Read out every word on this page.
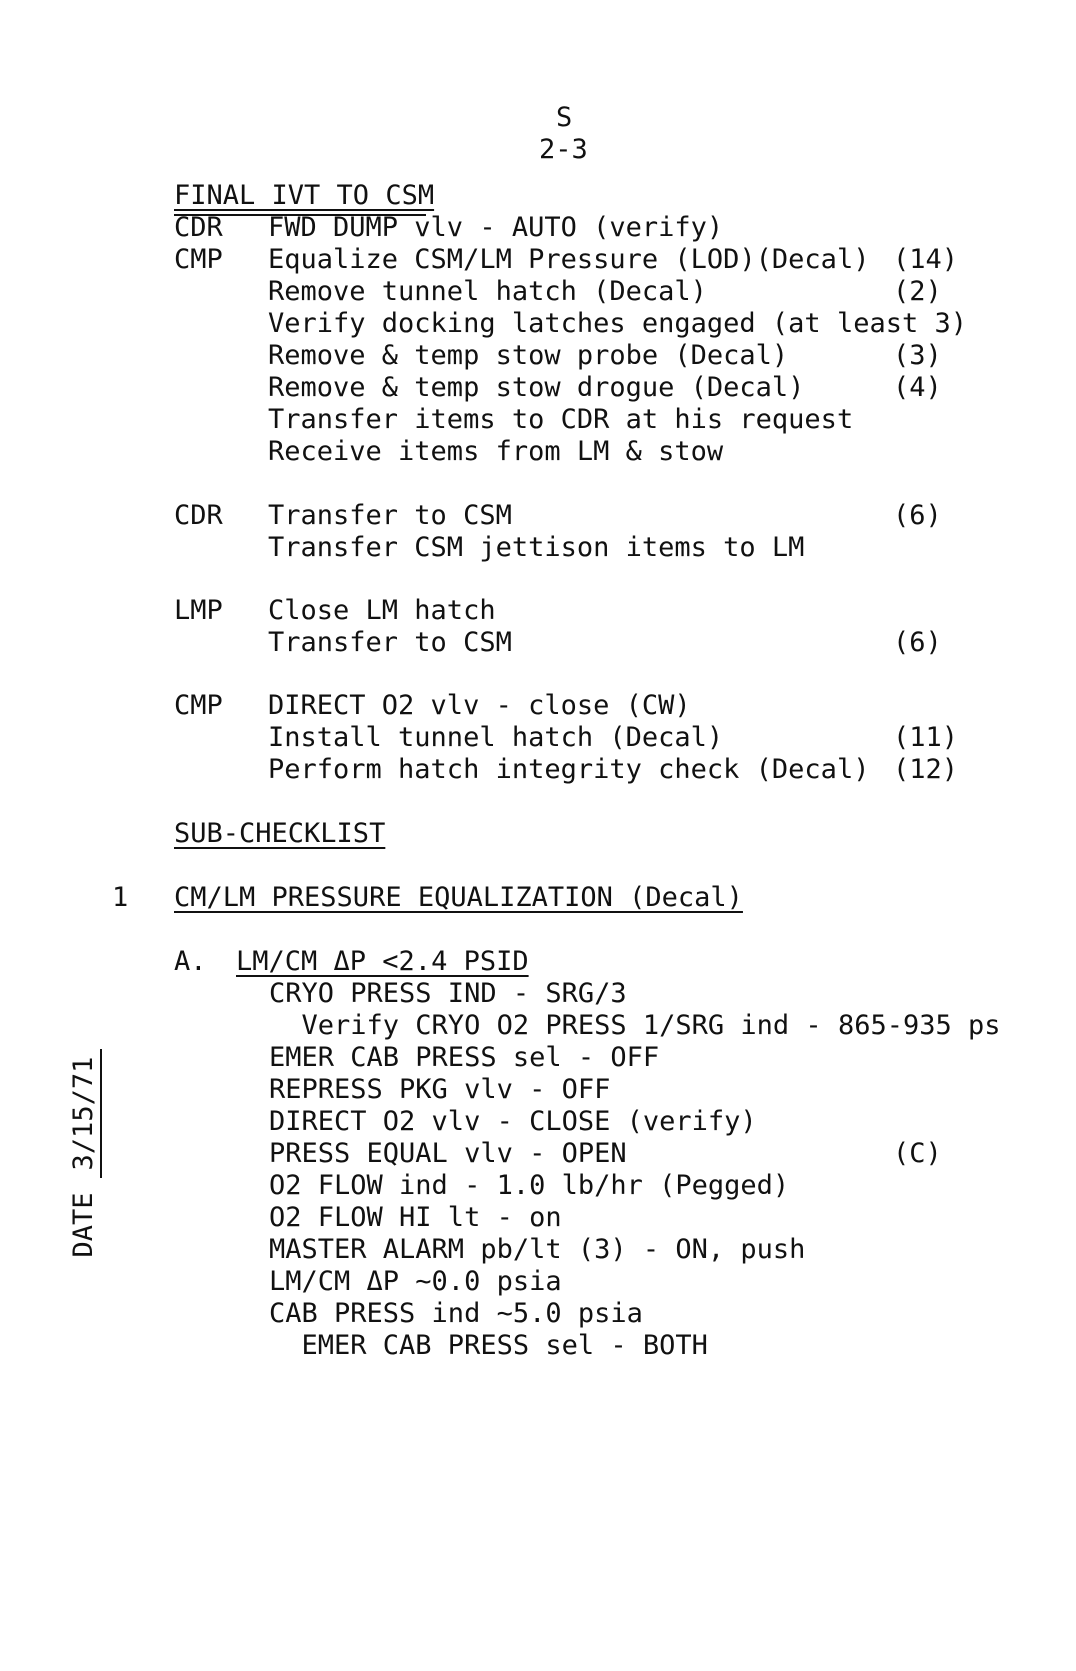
S
2-3
FINAL IVT TO CSM
CDR FWD DUMP vlv - AUTO (verify)
CMP Equalize CSM/LM Pressure (LOD)(Decal) (14)
Remove tunnel hatch (Decal)	(2)
Verify docking latches engaged (at least 3)
Remove & temp stow probe (Decal)	(3)
Remove & temp stow drogue (Decal)	(4)
Transfer items to CDR at his request
Receive items from LM & stow
CDR Transfer to CSM	(6)
Transfer CSM jettison items to LM
LMP Close LM hatch
Transfer to CSM	(6)
CMP DIRECT O2 vlv - close (CW)
Install tunnel hatch (Decal)	(11)
Perform hatch integrity check (Decal) (12)
SUB-CHECKLIST
1 CM/LM PRESSURE EQUALIZATION (Decal)
A. LM/CM ΔP <2.4 PSID
CRYO PRESS IND - SRG/3
Verify CRYO O2 PRESS 1/SRG ind - 865-935 ps
EMER CAB PRESS sel - OFF
REPRESS PKG vlv - OFF
DIRECT O2 vlv - CLOSE (verify)
PRESS EQUAL vlv - OPEN	(C)
O2 FLOW ind - 1.0 lb/hr (Pegged)
O2 FLOW HI lt - on
MASTER ALARM pb/lt (3) - ON, push
LM/CM ΔP ~0.0 psia
CAB PRESS ind ~5.0 psia
EMER CAB PRESS sel - BOTH

DATE3/15/71
